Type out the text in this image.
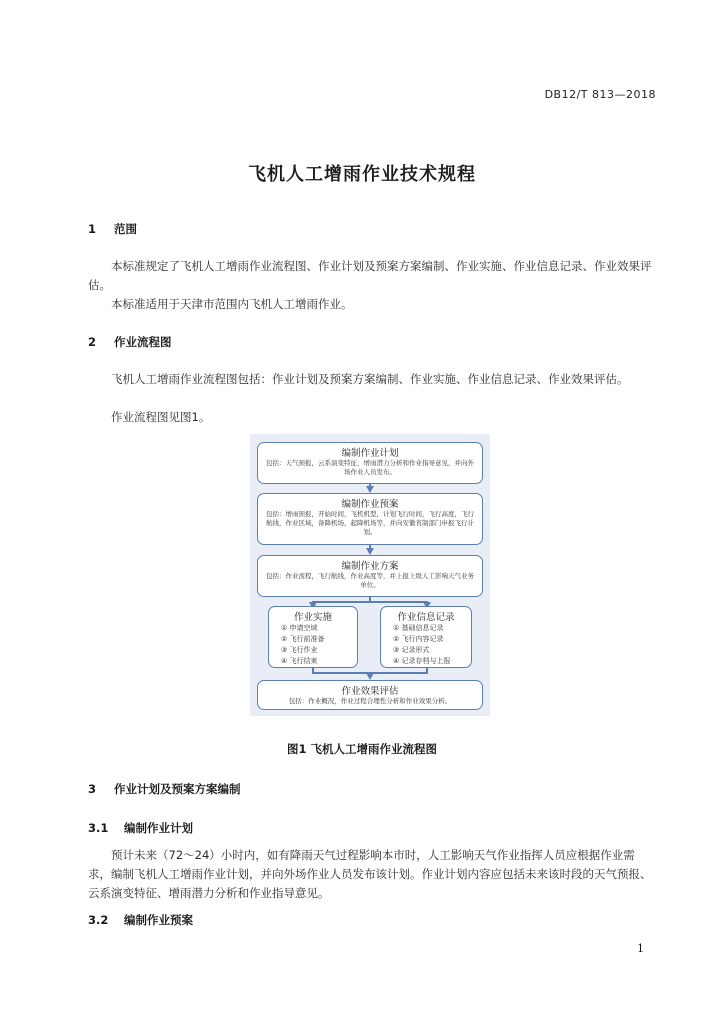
DB12/T 813—2018
飞机人工增雨作业技术规程
1 范围
本标准规定了飞机人工增雨作业流程图、作业计划及预案方案编制、作业实施、作业信息记录、作业效果评估。
本标准适用于天津市范围内飞机人工增雨作业。
2 作业流程图
飞机人工增雨作业流程图包括：作业计划及预案方案编制、作业实施、作业信息记录、作业效果评估。
作业流程图见图1。
编制作业计划
包括：天气预报，云系演变特征，增雨潜力分析和作业指导意见，并向外场作业人员发布。
编制作业预案
包括：增雨预报，开始时间，飞机机型，计划飞行时间，飞行高度，飞行航线，作业区域，备降机场，起降机场等，并向安徽省制部门申报飞行计划。
编制作业方案
包括：作业流程，飞行航线，作业高度等，并上报上级人工影响天气业务单位。
作业实施
① 申请空域
② 飞行前准备
③ 飞行作业
④ 飞行结束
作业信息记录
① 基础信息记录
② 飞行内容记录
③ 记录形式
④ 记录存档与上报
作业效果评估
包括：作业概况，作业过程合理性分析和作业效果分析。
图1 飞机人工增雨作业流程图
3 作业计划及预案方案编制
3.1 编制作业计划
预计未来（72～24）小时内，如有降雨天气过程影响本市时，人工影响天气作业指挥人员应根据作业需求，编制飞机人工增雨作业计划，并向外场作业人员发布该计划。作业计划内容应包括未来该时段的天气预报、云系演变特征、增雨潜力分析和作业指导意见。
3.2 编制作业预案
1
